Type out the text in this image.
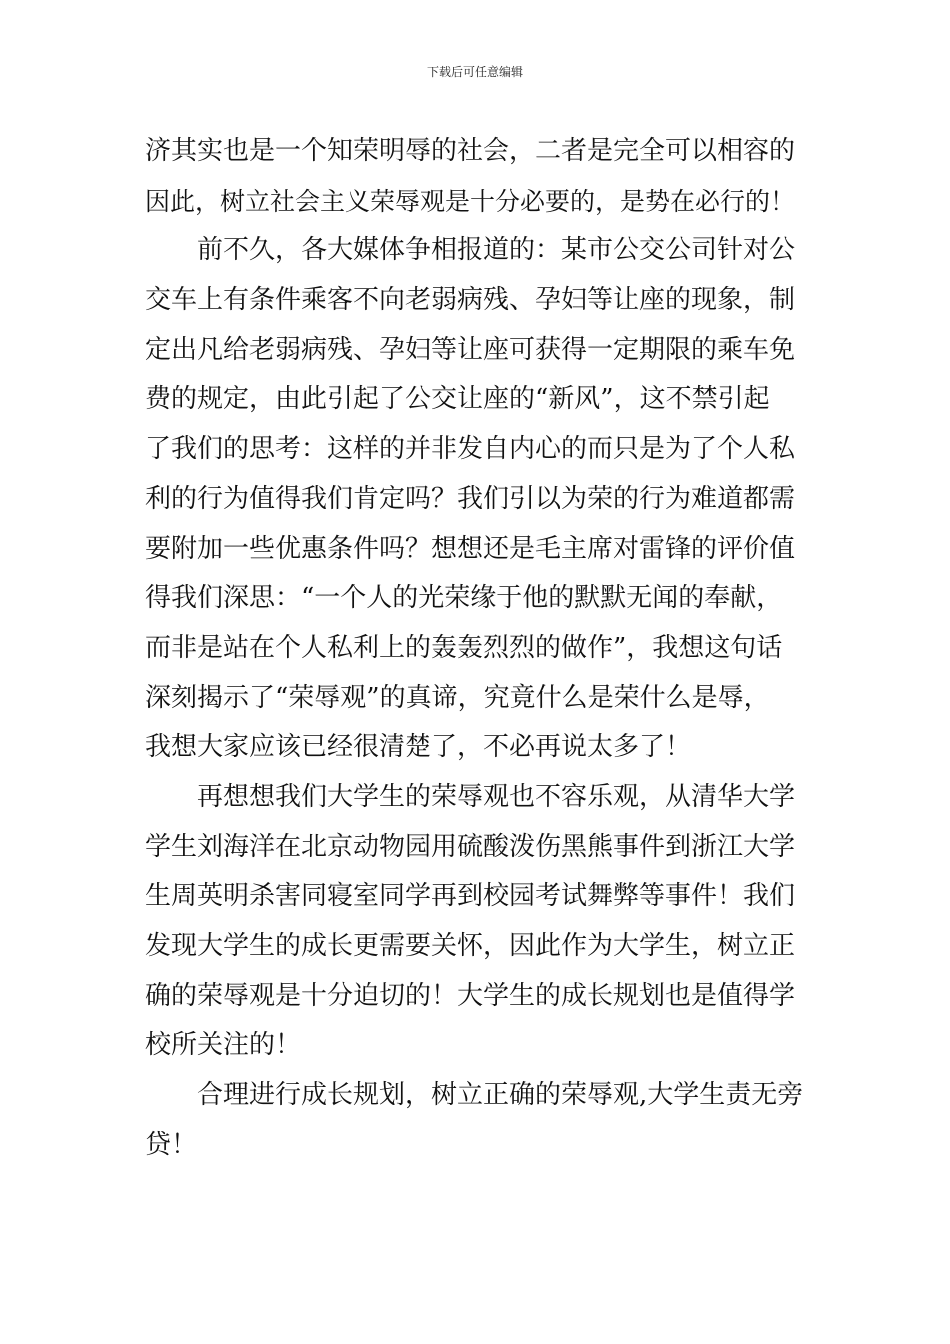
下载后可任意编辑
济其实也是一个知荣明辱的社会，二者是完全可以相容的
因此，树立社会主义荣辱观是十分必要的，是势在必行的！
前不久，各大媒体争相报道的：某市公交公司针对公
交车上有条件乘客不向老弱病残、孕妇等让座的现象，制
定出凡给老弱病残、孕妇等让座可获得一定期限的乘车免
费的规定，由此引起了公交让座的“新风”，这不禁引起
了我们的思考：这样的并非发自内心的而只是为了个人私
利的行为值得我们肯定吗？我们引以为荣的行为难道都需
要附加一些优惠条件吗？想想还是毛主席对雷锋的评价值
得我们深思：“一个人的光荣缘于他的默默无闻的奉献，
而非是站在个人私利上的轰轰烈烈的做作”，我想这句话
深刻揭示了“荣辱观”的真谛，究竟什么是荣什么是辱，
我想大家应该已经很清楚了，不必再说太多了！
再想想我们大学生的荣辱观也不容乐观，从清华大学
学生刘海洋在北京动物园用硫酸泼伤黑熊事件到浙江大学
生周英明杀害同寝室同学再到校园考试舞弊等事件！我们
发现大学生的成长更需要关怀，因此作为大学生，树立正
确的荣辱观是十分迫切的！大学生的成长规划也是值得学
校所关注的！
合理进行成长规划，树立正确的荣辱观,大学生责无旁
贷！
